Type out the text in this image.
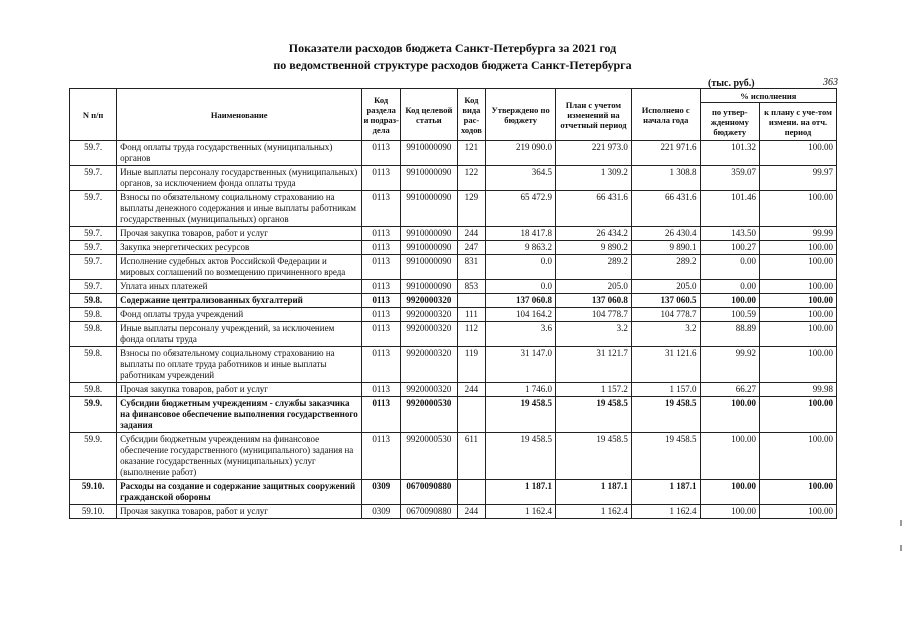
Показатели расходов бюджета Санкт-Петербурга за 2021 год
по ведомственной структуре расходов бюджета Санкт-Петербурга
(тыс. руб.)	363
N п/п	Наименование	Код раздела и подраз-дела	Код целевой статьи	Код вида рас-ходов	Утверждено по бюджету	План с учетом изменений на отчетный период	Исполнено с начала года	% исполнения	
								по утвер-жденному бюджету	к плану с уче-том измени. на отч. период
59.7.	Фонд оплаты труда государственных (муниципальных) органов	0113	9910000090	121	219 090.0	221 973.0	221 971.6	101.32	100.00
59.7.	Иные выплаты персоналу государственных (муниципальных) органов, за исключением фонда оплаты труда	0113	9910000090	122	364.5	1 309.2	1 308.8	359.07	99.97
59.7.	Взносы по обязательному социальному страхованию на выплаты денежного содержания и иные выплаты работникам государственных (муниципальных) органов	0113	9910000090	129	65 472.9	66 431.6	66 431.6	101.46	100.00
59.7.	Прочая закупка товаров, работ и услуг	0113	9910000090	244	18 417.8	26 434.2	26 430.4	143.50	99.99
59.7.	Закупка энергетических ресурсов	0113	9910000090	247	9 863.2	9 890.2	9 890.1	100.27	100.00
59.7.	Исполнение судебных актов Российской Федерации и мировых соглашений по возмещению причиненного вреда	0113	9910000090	831	0.0	289.2	289.2	0.00	100.00
59.7.	Уплата иных платежей	0113	9910000090	853	0.0	205.0	205.0	0.00	100.00
59.8.	Содержание централизованных бухгалтерий	0113	9920000320		137 060.8	137 060.8	137 060.5	100.00	100.00
59.8.	Фонд оплаты труда учреждений	0113	9920000320	111	104 164.2	104 778.7	104 778.7	100.59	100.00
59.8.	Иные выплаты персоналу учреждений, за исключением фонда оплаты труда	0113	9920000320	112	3.6	3.2	3.2	88.89	100.00
59.8.	Взносы по обязательному социальному страхованию на выплаты по оплате труда работников и иные выплаты работникам учреждений	0113	9920000320	119	31 147.0	31 121.7	31 121.6	99.92	100.00
59.8.	Прочая закупка товаров, работ и услуг	0113	9920000320	244	1 746.0	1 157.2	1 157.0	66.27	99.98
59.9.	Субсидии бюджетным учреждениям - службы заказчика на финансовое обеспечение выполнения государственного задания	0113	9920000530		19 458.5	19 458.5	19 458.5	100.00	100.00
59.9.	Субсидии бюджетным учреждениям на финансовое обеспечение государственного (муниципального) задания на оказание государственных (муниципальных) услуг (выполнение работ)	0113	9920000530	611	19 458.5	19 458.5	19 458.5	100.00	100.00
59.10.	Расходы на создание и содержание защитных сооружений гражданской обороны	0309	0670090880		1 187.1	1 187.1	1 187.1	100.00	100.00
59.10.	Прочая закупка товаров, работ и услуг	0309	0670090880	244	1 162.4	1 162.4	1 162.4	100.00	100.00
